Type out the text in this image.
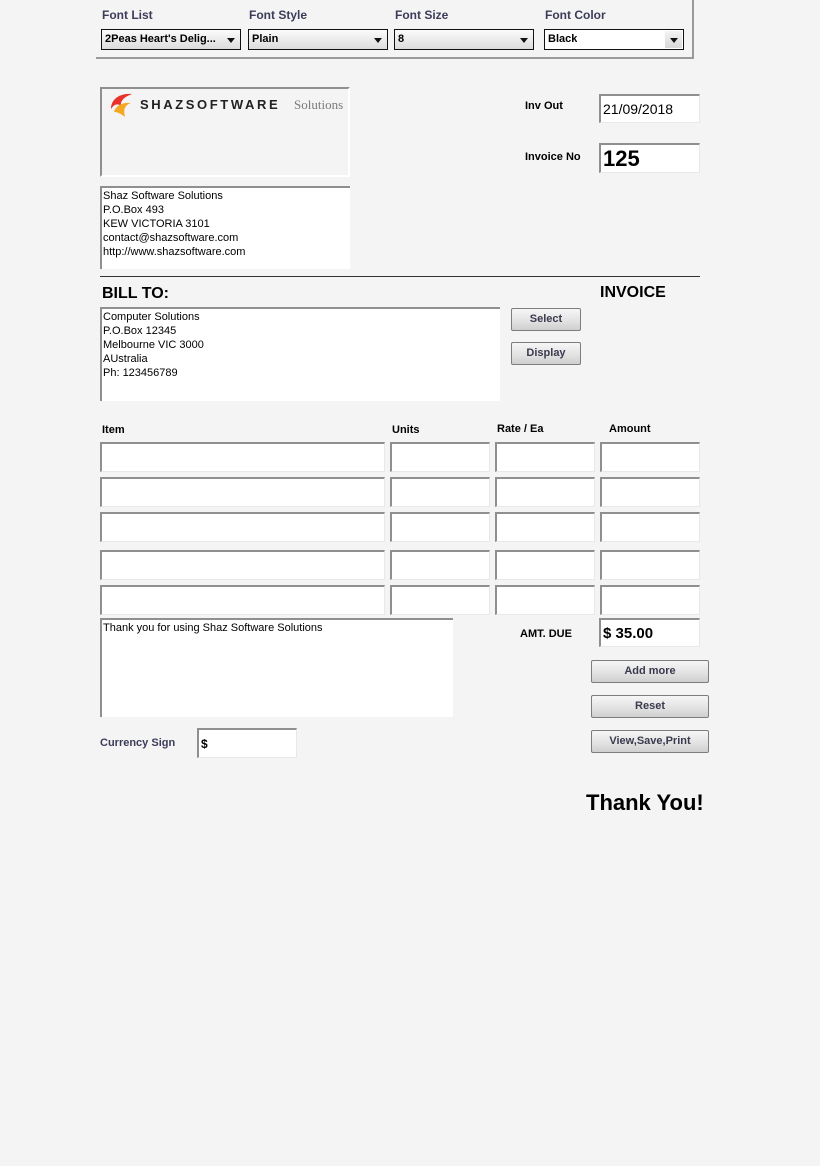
Font List	Font Style	Font Size	Font Color
2Peas Heart's Delig...	Plain	8	Black
SHAZSOFTWARE Solutions
Shaz Software Solutions
P.O.Box 493
KEW VICTORIA 3101
contact@shazsoftware.com
http://www.shazsoftware.com
Inv Out
21/09/2018
Invoice No
125
BILL TO:	INVOICE
Computer Solutions
P.O.Box 12345
Melbourne VIC 3000
AUstralia
Ph: 123456789
Select
Display
Item	Units	Rate / Ea	Amount
Thank you for using Shaz Software Solutions	AMT. DUE
$ 35.00
Add more
Reset
View,Save,Print
Currency Sign
$
Thank You!
